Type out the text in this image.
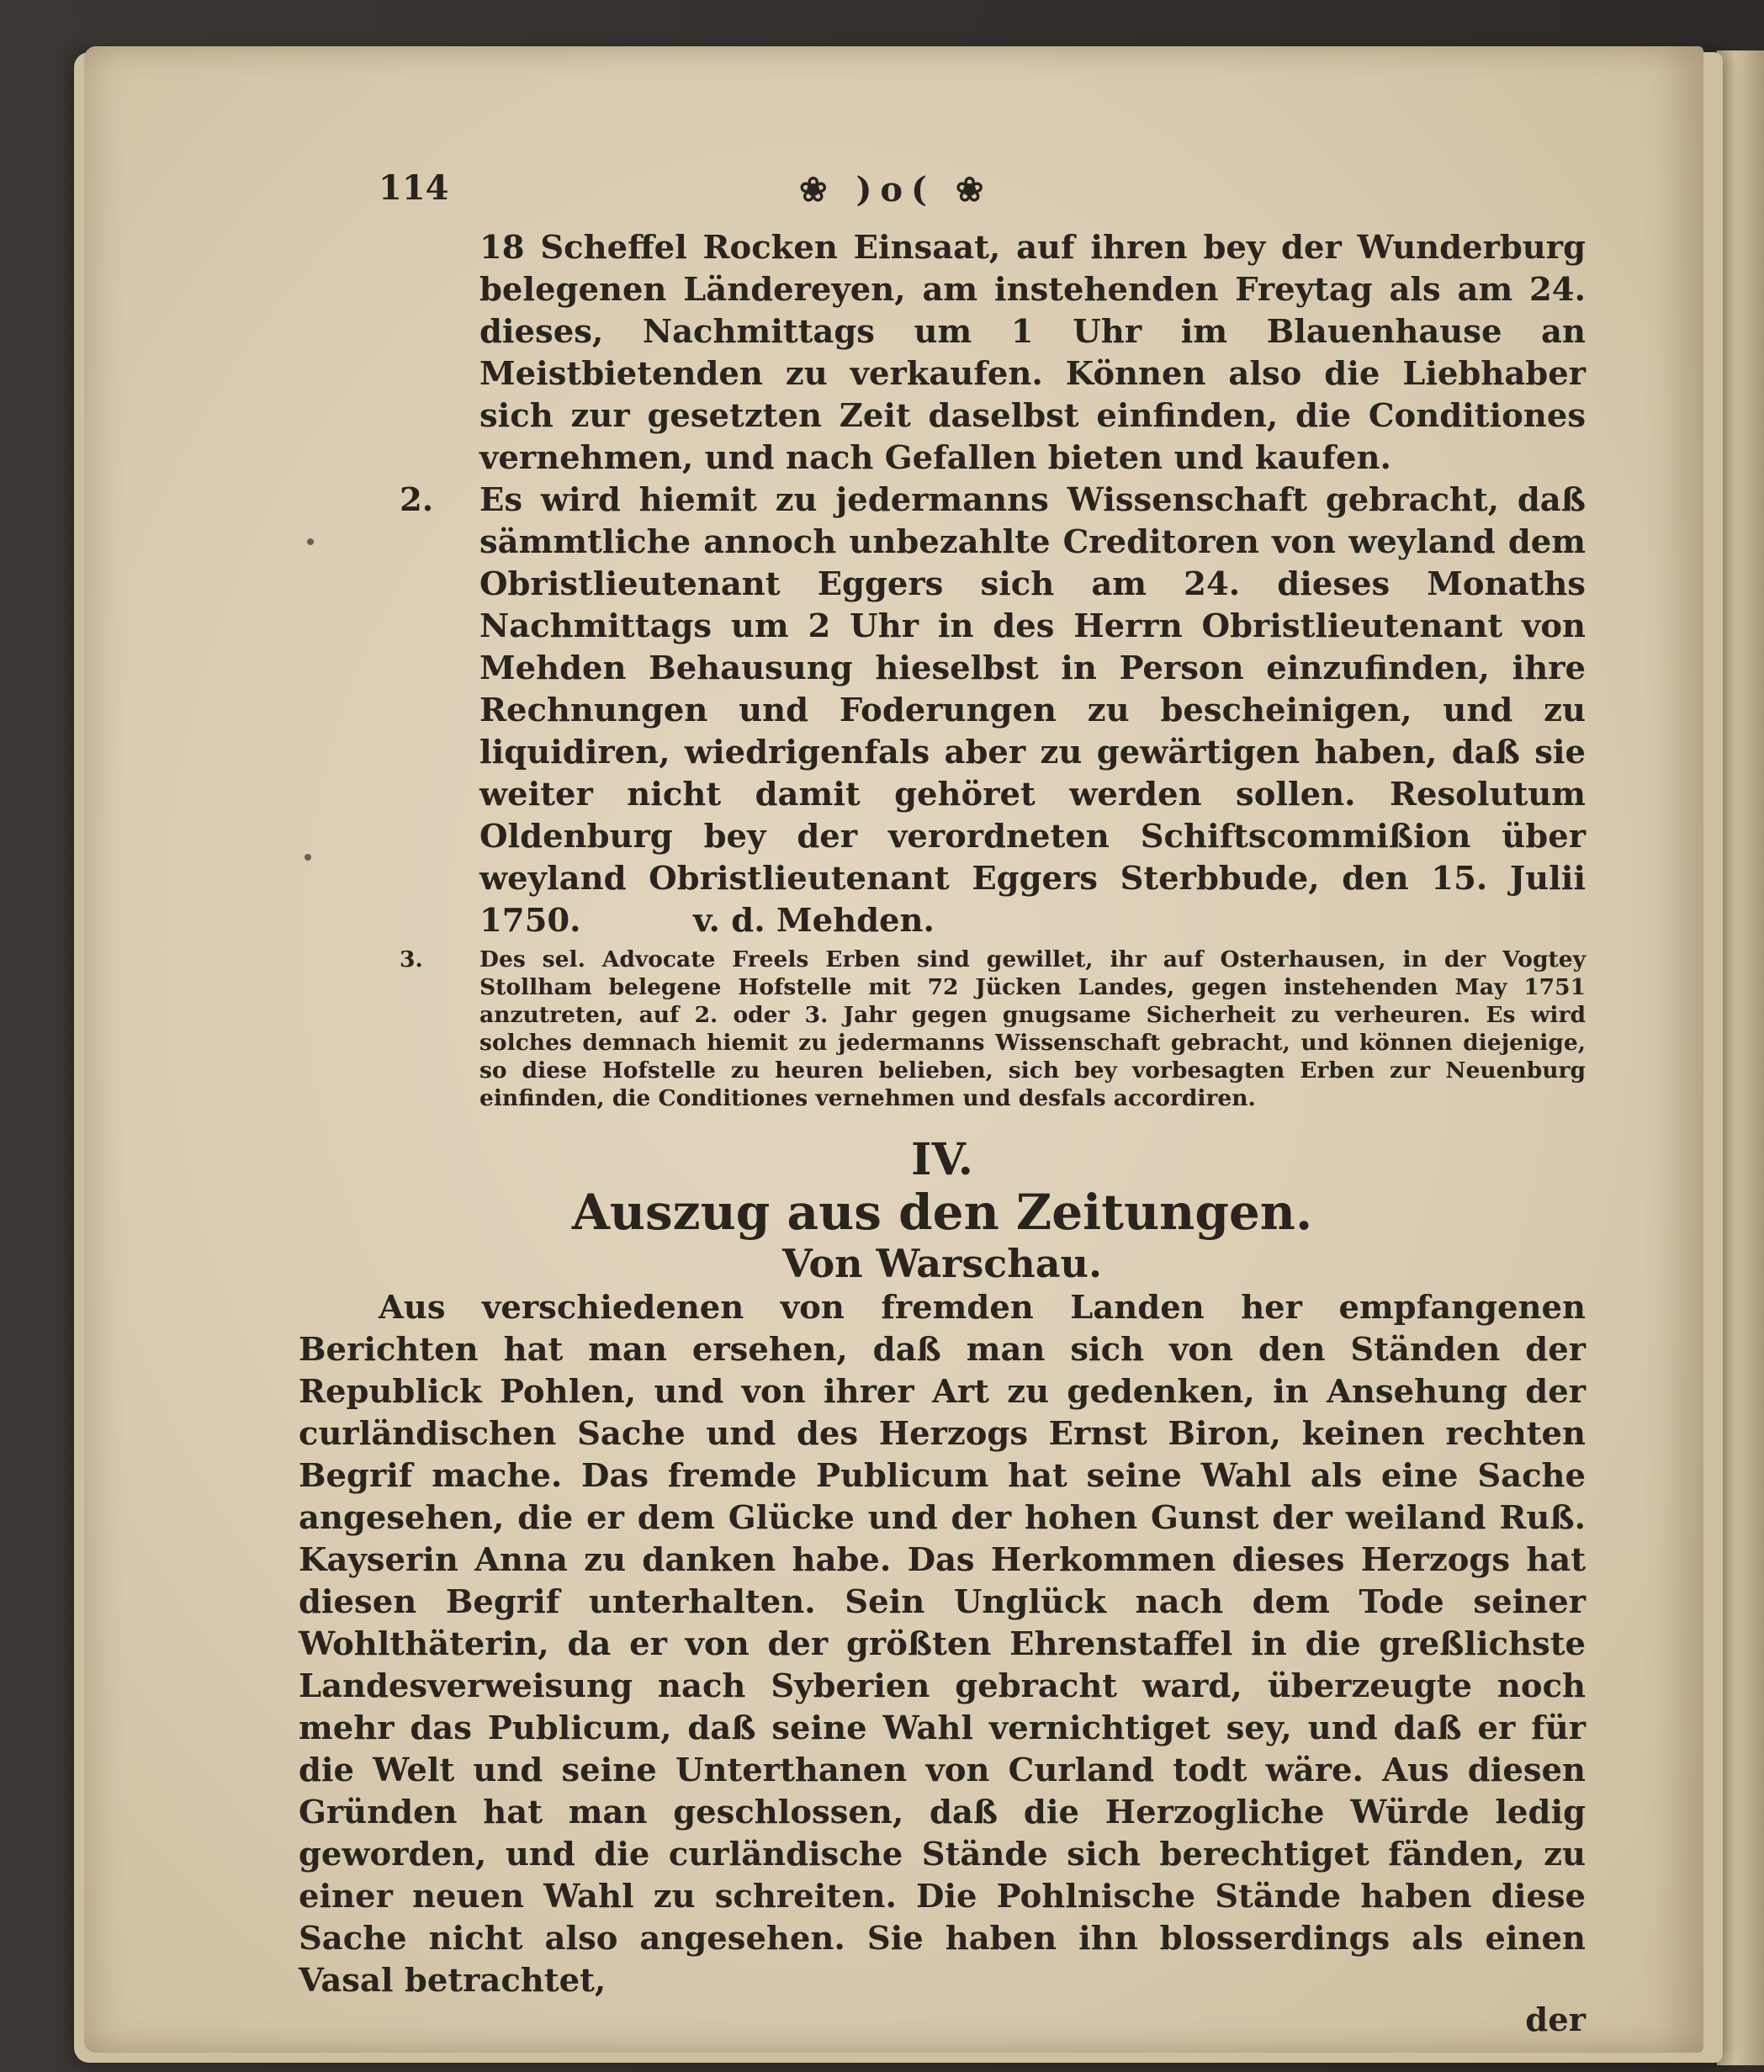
114	❀ )o( ❀
18 Scheffel Rocken Einsaat, auf ihren bey der Wunderburg belegenen Ländereyen, am instehenden Freytag als am 24. dieses, Nachmittags um 1 Uhr im Blauenhause an Meistbietenden zu verkaufen. Können also die Liebhaber sich zur gesetzten Zeit daselbst einfinden, die Conditiones vernehmen, und nach Gefallen bieten und kaufen.
2. Es wird hiemit zu jedermanns Wissenschaft gebracht, daß sämmtliche annoch unbezahlte Creditoren von weyland dem Obristlieutenant Eggers sich am 24. dieses Monaths Nachmittags um 2 Uhr in des Herrn Obristlieutenant von Mehden Behausung hieselbst in Person einzufinden, ihre Rechnungen und Foderungen zu bescheinigen, und zu liquidiren, wiedrigenfals aber zu gewärtigen haben, daß sie weiter nicht damit gehöret werden sollen. Resolutum Oldenburg bey der verordneten Schiftscommißion über weyland Obristlieutenant Eggers Sterbbude, den 15. Julii 1750.	v. d. Mehden.
3.	Des sel. Advocate Freels Erben sind gewillet, ihr auf Osterhausen, in der Vogtey Stollham belegene Hofstelle mit 72 Jücken Landes, gegen instehenden May 1751 anzutreten, auf 2. oder 3. Jahr gegen gnugsame Sicherheit zu verheuren. Es wird solches demnach hiemit zu jedermanns Wissenschaft gebracht, und können diejenige, so diese Hofstelle zu heuren belieben, sich bey vorbesagten Erben zur Neuenburg einfinden, die Conditiones vernehmen und desfals accordiren.
IV.
Auszug aus den Zeitungen.
Von Warschau.
Aus verschiedenen von fremden Landen her empfangenen Berichten hat man ersehen, daß man sich von den Ständen der Republick Pohlen, und von ihrer Art zu gedenken, in Ansehung der curländischen Sache und des Herzogs Ernst Biron, keinen rechten Begrif mache. Das fremde Publicum hat seine Wahl als eine Sache angesehen, die er dem Glücke und der hohen Gunst der weiland Ruß. Kayserin Anna zu danken habe. Das Herkommen dieses Herzogs hat diesen Begrif unterhalten. Sein Unglück nach dem Tode seiner Wohlthäterin, da er von der größten Ehrenstaffel in die greßlichste Landesverweisung nach Syberien gebracht ward, überzeugte noch mehr das Publicum, daß seine Wahl vernichtiget sey, und daß er für die Welt und seine Unterthanen von Curland todt wäre. Aus diesen Gründen hat man geschlossen, daß die Herzogliche Würde ledig geworden, und die curländische Stände sich berechtiget fänden, zu einer neuen Wahl zu schreiten. Die Pohlnische Stände haben diese Sache nicht also angesehen. Sie haben ihn blosserdings als einen Vasal betrachtet,
der
